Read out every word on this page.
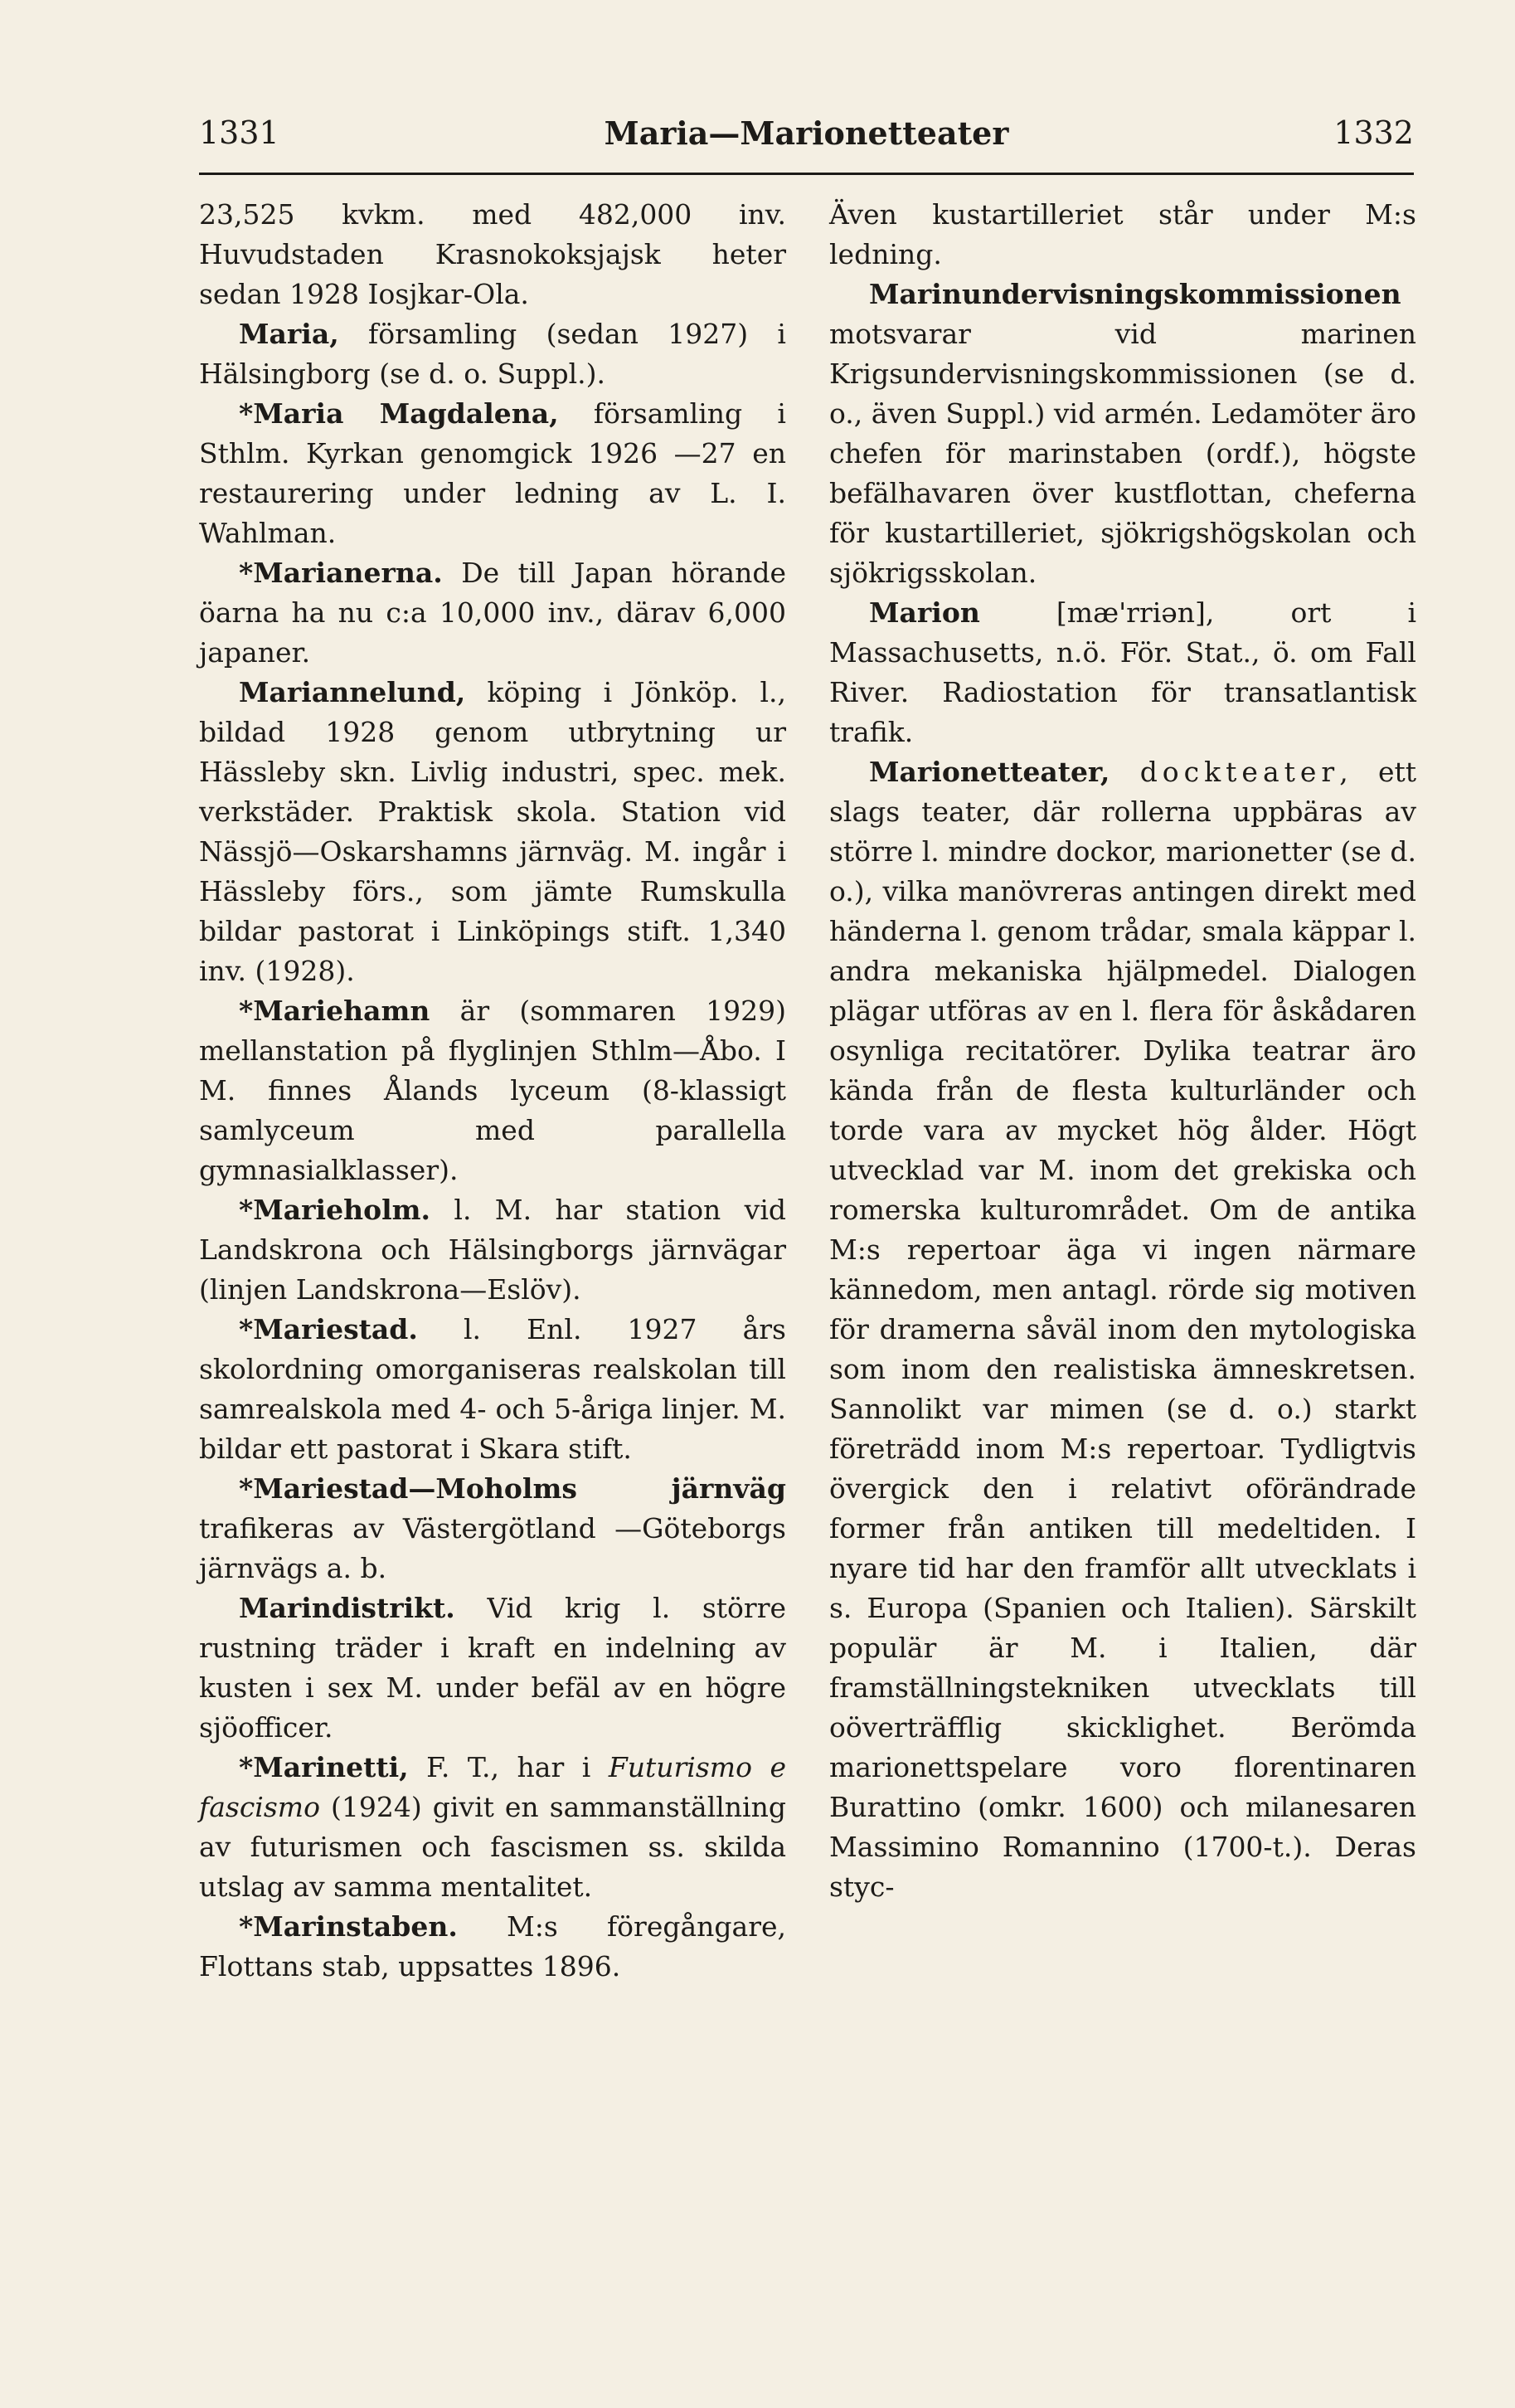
1331	Maria—Marionetteater	1332

23,525 kvkm. med 482,000 inv. Huvudstaden Krasnokoksjajsk heter sedan 1928 Iosjkar-Ola.

Maria, församling (sedan 1927) i Hälsingborg (se d. o. Suppl.).

*Maria Magdalena, församling i Sthlm. Kyrkan genomgick 1926 —27 en restaurering under ledning av L. I. Wahlman.

*Marianerna. De till Japan hörande öarna ha nu c:a 10,000 inv., därav 6,000 japaner.

Mariannelund, köping i Jönköp. l., bildad 1928 genom utbrytning ur Hässleby skn. Livlig industri, spec. mek. verkstäder. Praktisk skola. Station vid Nässjö—Oskarshamns järnväg. M. ingår i Hässleby förs., som jämte Rumskulla bildar pastorat i Linköpings stift. 1,340 inv. (1928).

*Mariehamn är (sommaren 1929) mellanstation på flyglinjen Sthlm—Åbo. I M. finnes Ålands lyceum (8-klassigt samlyceum med parallella gymnasialklasser).

*Marieholm. l. M. har station vid Landskrona och Hälsingborgs järnvägar (linjen Landskrona—Eslöv).

*Mariestad. l. Enl. 1927 års skolordning omorganiseras realskolan till samrealskola med 4- och 5-åriga linjer. M. bildar ett pastorat i Skara stift.

*Mariestad—Moholms järnväg trafikeras av Västergötland —Göteborgs järnvägs a. b.

Marindistrikt. Vid krig l. större rustning träder i kraft en indelning av kusten i sex M. under befäl av en högre sjöofficer.

*Marinetti, F. T., har i Futurismo e fascismo (1924) givit en sammanställning av futurismen och fascismen ss. skilda utslag av samma mentalitet.

*Marinstaben. M:s föregångare, Flottans stab, uppsattes 1896.

Även kustartilleriet står under M:s ledning.

Marinundervisningskommissionen motsvarar vid marinen Krigsundervisningskommissionen (se d. o., även Suppl.) vid armén. Ledamöter äro chefen för marinstaben (ordf.), högste befälhavaren över kustflottan, cheferna för kustartilleriet, sjökrigshögskolan och sjökrigsskolan.

Marion [mæ'rriən], ort i Massachusetts, n.ö. För. Stat., ö. om Fall River. Radiostation för transatlantisk trafik.

Marionetteater, dockteater, ett slags teater, där rollerna uppbäras av större l. mindre dockor, marionetter (se d. o.), vilka manövreras antingen direkt med händerna l. genom trådar, smala käppar l. andra mekaniska hjälpmedel. Dialogen plägar utföras av en l. flera för åskådaren osynliga recitatörer. Dylika teatrar äro kända från de flesta kulturländer och torde vara av mycket hög ålder. Högt utvecklad var M. inom det grekiska och romerska kulturområdet. Om de antika M:s repertoar äga vi ingen närmare kännedom, men antagl. rörde sig motiven för dramerna såväl inom den mytologiska som inom den realistiska ämneskretsen. Sannolikt var mimen (se d. o.) starkt företrädd inom M:s repertoar. Tydligtvis övergick den i relativt oförändrade former från antiken till medeltiden. I nyare tid har den framför allt utvecklats i s. Europa (Spanien och Italien). Särskilt populär är M. i Italien, där framställningstekniken utvecklats till oöverträfflig skicklighet. Berömda marionettspelare voro florentinaren Burattino (omkr. 1600) och milanesaren Massimino Romannino (1700-t.). Deras styc-
